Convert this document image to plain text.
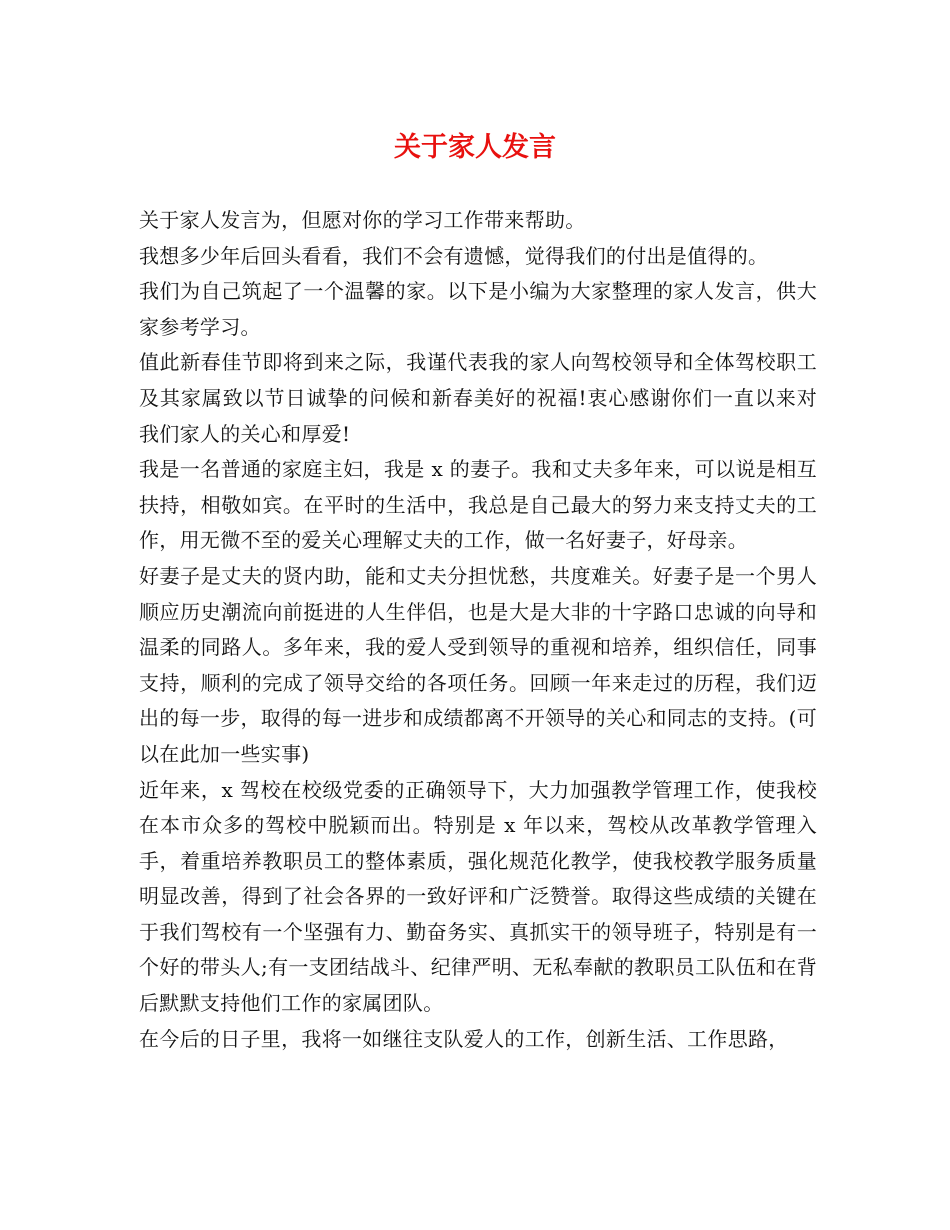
关于家人发言

关于家人发言为，但愿对你的学习工作带来帮助。

我想多少年后回头看看，我们不会有遗憾，觉得我们的付出是值得的。

我们为自己筑起了一个温馨的家。以下是小编为大家整理的家人发言，供大家参考学习。

值此新春佳节即将到来之际，我谨代表我的家人向驾校领导和全体驾校职工及其家属致以节日诚挚的问候和新春美好的祝福!衷心感谢你们一直以来对我们家人的关心和厚爱!

我是一名普通的家庭主妇，我是 x 的妻子。我和丈夫多年来，可以说是相互扶持，相敬如宾。在平时的生活中，我总是自己最大的努力来支持丈夫的工作，用无微不至的爱关心理解丈夫的工作，做一名好妻子，好母亲。

好妻子是丈夫的贤内助，能和丈夫分担忧愁，共度难关。好妻子是一个男人顺应历史潮流向前挺进的人生伴侣，也是大是大非的十字路口忠诚的向导和温柔的同路人。多年来，我的爱人受到领导的重视和培养，组织信任，同事支持，顺利的完成了领导交给的各项任务。回顾一年来走过的历程，我们迈出的每一步，取得的每一进步和成绩都离不开领导的关心和同志的支持。(可以在此加一些实事)

近年来，x 驾校在校级党委的正确领导下，大力加强教学管理工作，使我校在本市众多的驾校中脱颖而出。特别是 x 年以来，驾校从改革教学管理入手，着重培养教职员工的整体素质，强化规范化教学，使我校教学服务质量明显改善，得到了社会各界的一致好评和广泛赞誉。取得这些成绩的关键在于我们驾校有一个坚强有力、勤奋务实、真抓实干的领导班子，特别是有一个好的带头人;有一支团结战斗、纪律严明、无私奉献的教职员工队伍和在背后默默支持他们工作的家属团队。

在今后的日子里，我将一如继往支队爱人的工作，创新生活、工作思路，
